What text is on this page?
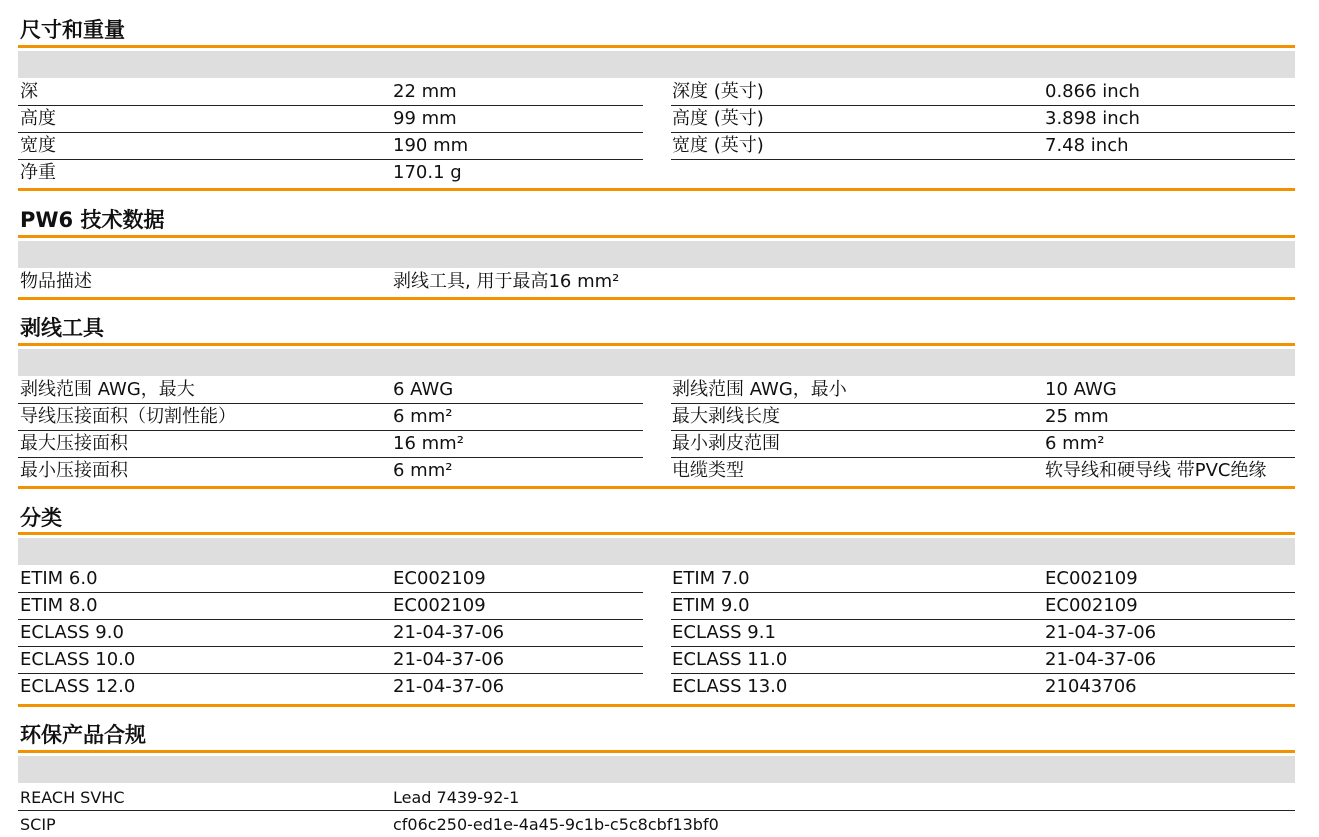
尺寸和重量
深	22 mm	深度 (英寸)	0.866 inch
高度	99 mm	高度 (英寸)	3.898 inch
宽度	190 mm	宽度 (英寸)	7.48 inch
净重	170.1 g
PW6 技术数据
物品描述	剥线工具, 用于最高16 mm²
剥线工具
剥线范围 AWG，最大	6 AWG	剥线范围 AWG，最小	10 AWG
导线压接面积（切割性能）	6 mm²	最大剥线长度	25 mm
最大压接面积	16 mm²	最小剥皮范围	6 mm²
最小压接面积	6 mm²	电缆类型	软导线和硬导线 带PVC绝缘
分类
ETIM 6.0	EC002109	ETIM 7.0	EC002109
ETIM 8.0	EC002109	ETIM 9.0	EC002109
ECLASS 9.0	21-04-37-06	ECLASS 9.1	21-04-37-06
ECLASS 10.0	21-04-37-06	ECLASS 11.0	21-04-37-06
ECLASS 12.0	21-04-37-06	ECLASS 13.0	21043706
环保产品合规
REACH SVHC	Lead 7439-92-1
SCIP	cf06c250-ed1e-4a45-9c1b-c5c8cbf13bf0
